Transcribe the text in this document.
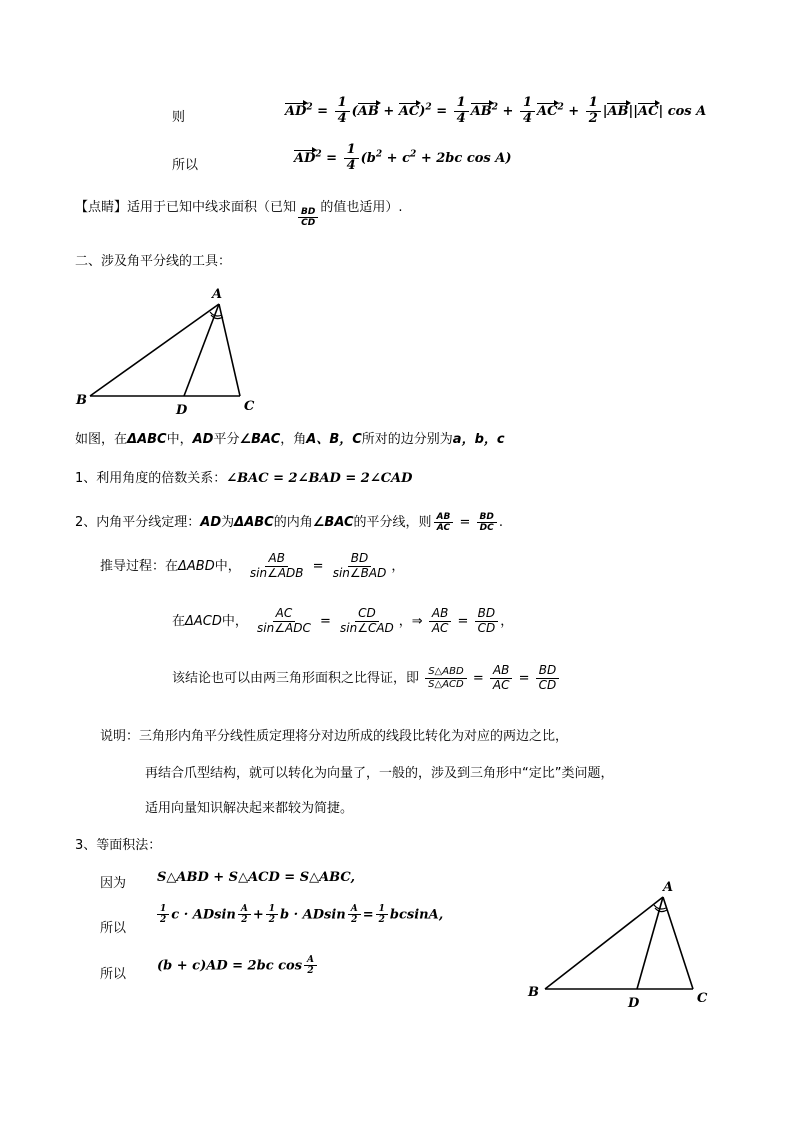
则	$AD^2 = \frac{1}{4} (AB + AC)^2 = \frac{1}{4} AB^2 + \frac{1}{4} AC^2 + \frac{1}{2} |AB||AC|$ cos A
所以	$AD^2 = \frac{1}{4} (b^2 + c^2 + 2bc$ cos A)
【点睛】适用于已知中线求面积（已知 $\frac{BD}{CD}$ 的值也适用）.
二、涉及角平分线的工具：
A
B
D	C
如图，在ΔABC中，AD平分∠BAC，角A、B，C所对的边分别为a，b，c
1、利用角度的倍数关系：∠BAC = 2∠BAD = 2∠CAD
2、内角平分线定理：AD为ΔABC的内角∠BAC的平分线，则 $\frac{AB}{AC} = \frac{BD}{DC}$ .
推导过程：在ΔABD中， $\frac{AB}{\text{sin∠ADB}} = \frac{BD}{\text{sin∠BAD}}$ ，
在ΔACD中， $\frac{AC}{\text{sin∠ADC}} = \frac{CD}{\text{sin∠CAD}}$ ，⇒ $\frac{AB}{AC} = \frac{BD}{CD}$ ，
该结论也可以由两三角形面积之比得证，即 $\frac{\text{S△ABD}}{\text{S△ACD}} = \frac{AB}{AC} = \frac{BD}{CD}$
说明：三角形内角平分线性质定理将分对边所成的线段比转化为对应的两边之比，
再结合爪型结构，就可以转化为向量了，一般的，涉及到三角形中“定比”类问题，
适用向量知识解决起来都较为简捷。
3、等面积法：
因为 S△ABD + S△ACD = S△ABC,
所以
$\frac{1}{2}$ c · ADsin $\frac{A}{2} + \frac{1}{2}$ b · ADsin $\frac{A}{2} = \frac{1}{2} bcsinA$,
所以
(b + c)AD = 2bc $\cos \frac{A}{2}$
A
B
D	C
